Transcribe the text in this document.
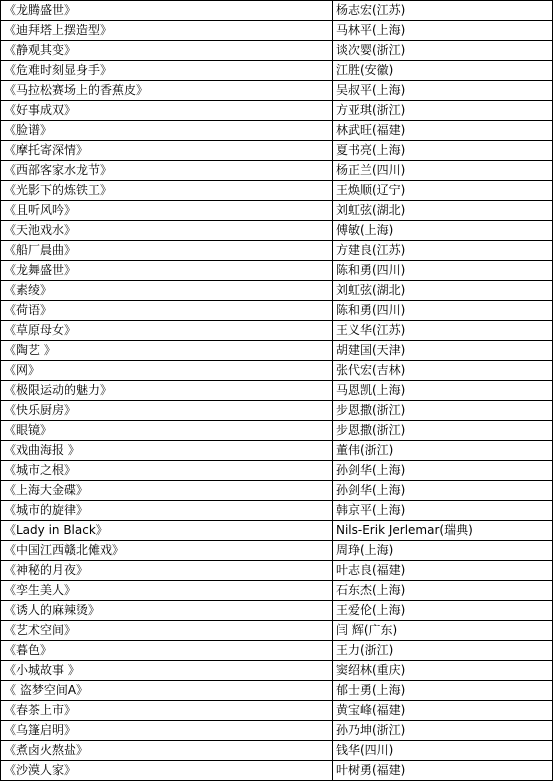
《龙腾盛世》	杨志宏(江苏)
《迪拜塔上摆造型》	马林平(上海)
《静观其变》	谈次婴(浙江)
《危难时刻显身手》	江胜(安徽)
《马拉松赛场上的香蕉皮》	吴叔平(上海)
《好事成双》	方亚琪(浙江)
《脸谱》	林武旺(福建)
《摩托寄深情》	夏书亮(上海)
《西部客家水龙节》	杨正兰(四川)
《光影下的炼铁工》	王焕顺(辽宁)
《且听风吟》	刘虹弦(湖北)
《天池戏水》	傅敏(上海)
《船厂晨曲》	方建良(江苏)
《龙舞盛世》	陈和勇(四川)
《素绫》	刘虹弦(湖北)
《荷语》	陈和勇(四川)
《草原母女》	王义华(江苏)
《陶艺 》	胡建国(天津)
《网》	张代宏(吉林)
《极限运动的魅力》	马恩凯(上海)
《快乐厨房》	步恩撒(浙江)
《眼镜》	步恩撒(浙江)
《戏曲海报 》	董伟(浙江)
《城市之根》	孙剑华(上海)
《上海大金碟》	孙剑华(上海)
《城市的旋律》	韩京平(上海)
《Lady in Black》	Nils-Erik Jerlemar(瑞典)
《中国江西赣北傩戏》	周琤(上海)
《神秘的月夜》	叶志良(福建)
《孪生美人》	石东杰(上海)
《诱人的麻辣烫》	王爱伦(上海)
《艺术空间》	闫 辉(广东)
《暮色》	王力(浙江)
《小城故事 》	窦绍林(重庆)
《 盗梦空间A》	郁士勇(上海)
《春茶上市》	黄宝峰(福建)
《乌篷启明》	孙乃坤(浙江)
《煮卤火熬盐》	钱华(四川)
《沙漠人家》	叶树勇(福建)
